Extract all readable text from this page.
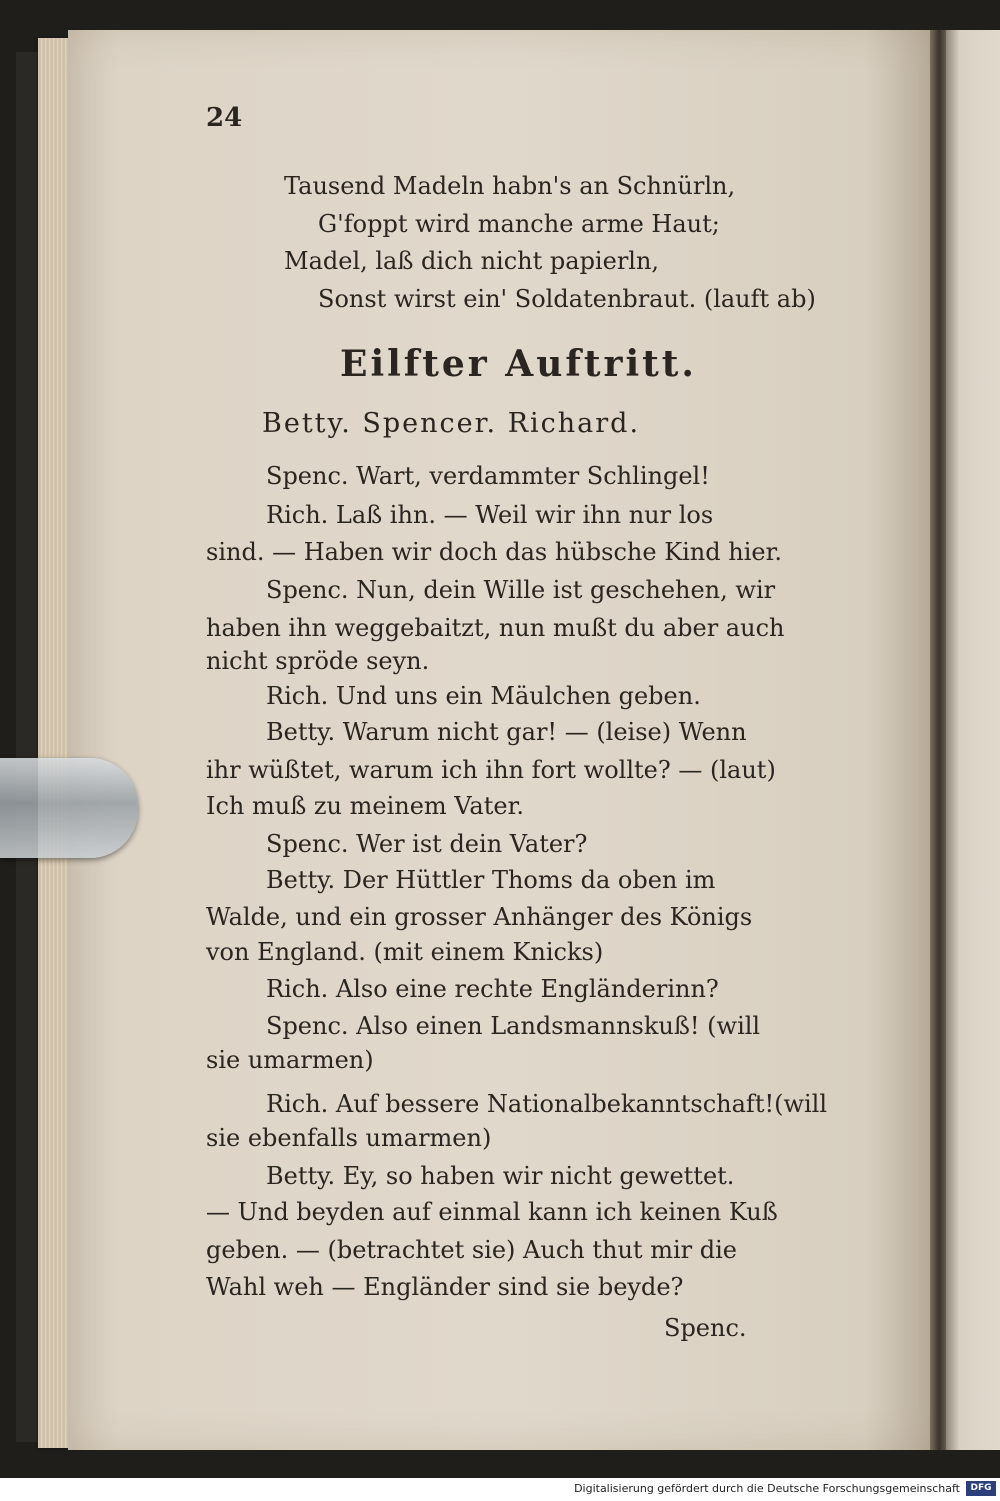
24
Tausend Madeln habn's an Schnürln,
G'foppt wird manche arme Haut;
Madel, laß dich nicht papierln,
Sonst wirst ein' Soldatenbraut. (lauft ab)
Eilfter Auftritt.
Betty. Spencer. Richard.
Spenc. Wart, verdammter Schlingel!
Rich. Laß ihn. — Weil wir ihn nur los
sind. — Haben wir doch das hübsche Kind hier.
Spenc. Nun, dein Wille ist geschehen, wir
haben ihn weggebaitzt, nun mußt du aber auch
nicht spröde seyn.
Rich. Und uns ein Mäulchen geben.
Betty. Warum nicht gar! — (leise) Wenn
ihr wüßtet, warum ich ihn fort wollte? — (laut)
Ich muß zu meinem Vater.
Spenc. Wer ist dein Vater?
Betty. Der Hüttler Thoms da oben im
Walde, und ein grosser Anhänger des Königs
von England. (mit einem Knicks)
Rich. Also eine rechte Engländerinn?
Spenc. Also einen Landsmannskuß! (will
sie umarmen)
Rich. Auf bessere Nationalbekanntschaft!(will
sie ebenfalls umarmen)
Betty. Ey, so haben wir nicht gewettet.
— Und beyden auf einmal kann ich keinen Kuß
geben. — (betrachtet sie) Auch thut mir die
Wahl weh — Engländer sind sie beyde?
Spenc.
Digitalisierung gefördert durch die Deutsche Forschungsgemeinschaft	DFG
